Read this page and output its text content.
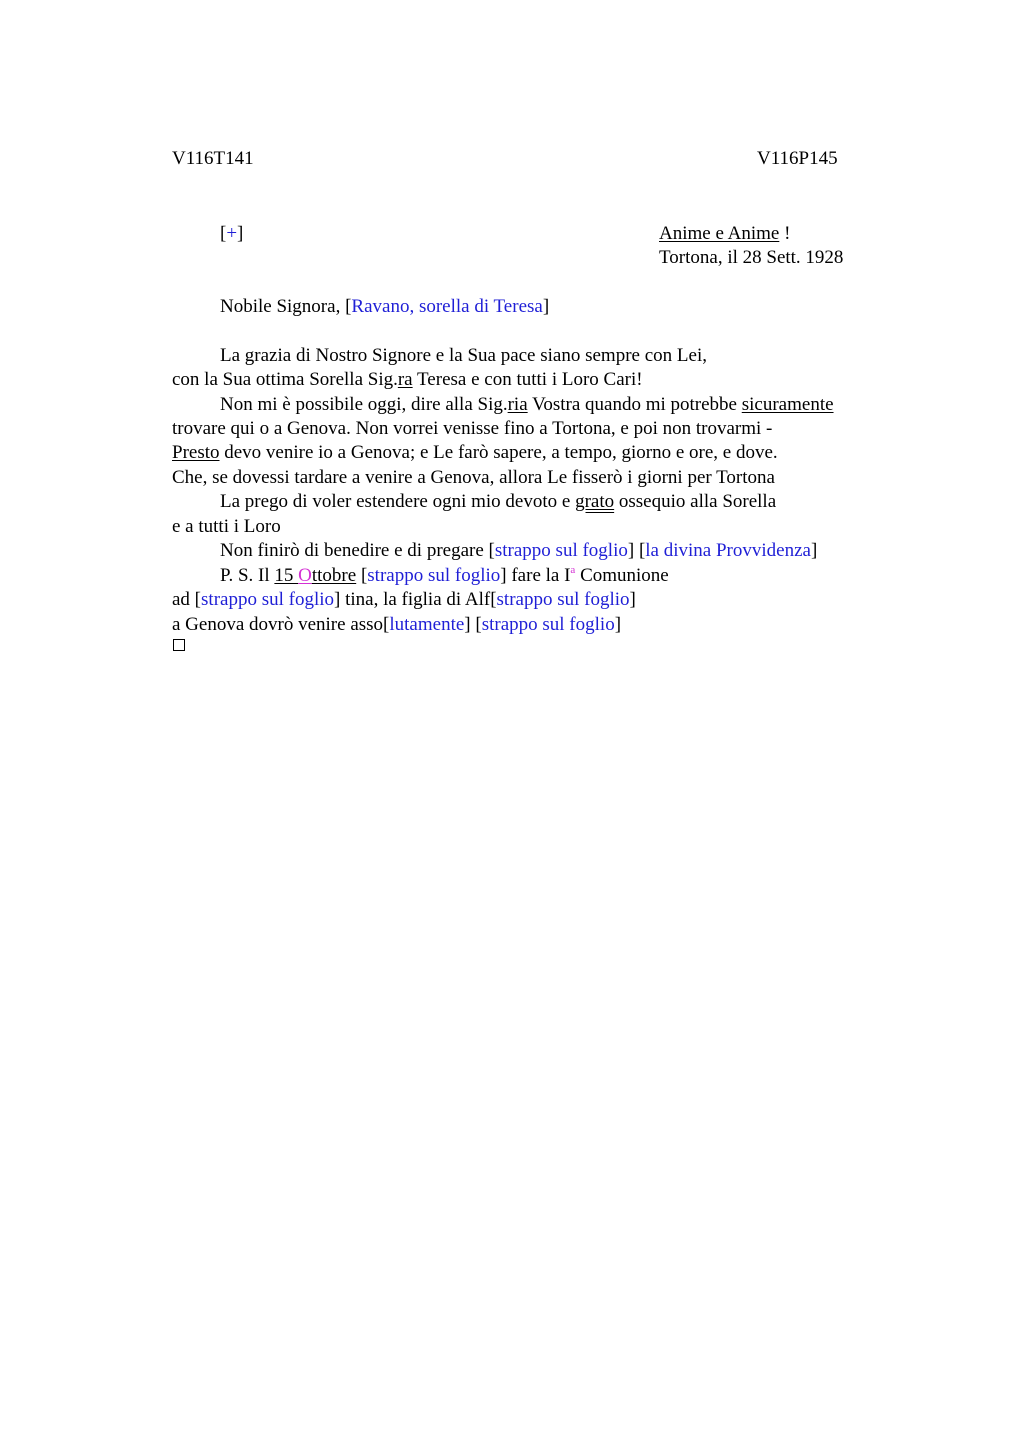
V116T141	V116P145
[+]	Anime e Anime !
Tortona, il 28 Sett. 1928
Nobile Signora, [Ravano, sorella di Teresa]
La grazia di Nostro Signore e la Sua pace siano sempre con Lei,
con la Sua ottima Sorella Sig.ra Teresa e con tutti i Loro Cari!
Non mi è possibile oggi, dire alla Sig.ria Vostra quando mi potrebbe sicuramente
trovare qui o a Genova. Non vorrei venisse fino a Tortona, e poi non trovarmi -
Presto devo venire io a Genova; e Le farò sapere, a tempo, giorno e ore, e dove.
Che, se dovessi tardare a venire a Genova, allora Le fisserò i giorni per Tortona
La prego di voler estendere ogni mio devoto e grato ossequio alla Sorella
e a tutti i Loro
Non finirò di benedire e di pregare [strappo sul foglio] [la divina Provvidenza]
P. S. Il 15 Ottobre [strappo sul foglio] fare la $I^a$ Comunione
ad [strappo sul foglio] tina, la figlia di Alf[strappo sul foglio]
a Genova dovrò venire asso[lutamente] [strappo sul foglio]
